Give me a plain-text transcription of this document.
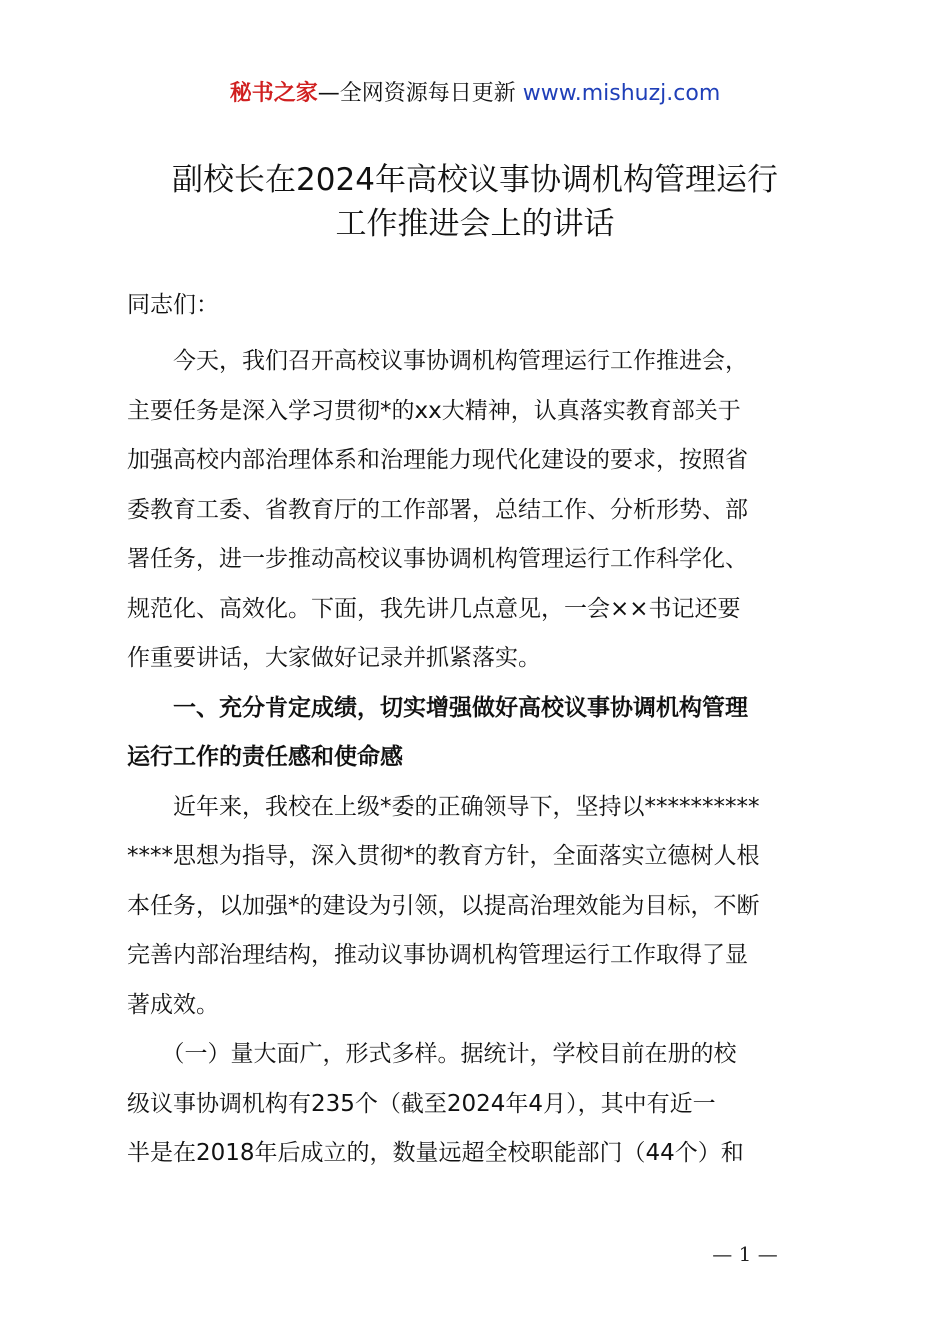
秘书之家—全网资源每日更新 www.mishuzj.com
副校长在2024年高校议事协调机构管理运行
工作推进会上的讲话
同志们：
　　今天，我们召开高校议事协调机构管理运行工作推进会，
主要任务是深入学习贯彻*的xx大精神，认真落实教育部关于
加强高校内部治理体系和治理能力现代化建设的要求，按照省
委教育工委、省教育厅的工作部署，总结工作、分析形势、部
署任务，进一步推动高校议事协调机构管理运行工作科学化、
规范化、高效化。下面，我先讲几点意见，一会××书记还要
作重要讲话，大家做好记录并抓紧落实。
　　一、充分肯定成绩，切实增强做好高校议事协调机构管理
运行工作的责任感和使命感
　　近年来，我校在上级*委的正确领导下，坚持以**********
****思想为指导，深入贯彻*的教育方针，全面落实立德树人根
本任务，以加强*的建设为引领，以提高治理效能为目标，不断
完善内部治理结构，推动议事协调机构管理运行工作取得了显
著成效。
　　（一）量大面广，形式多样。据统计，学校目前在册的校
级议事协调机构有235个（截至2024年4月），其中有近一
半是在2018年后成立的，数量远超全校职能部门（44个）和
— 1 —
